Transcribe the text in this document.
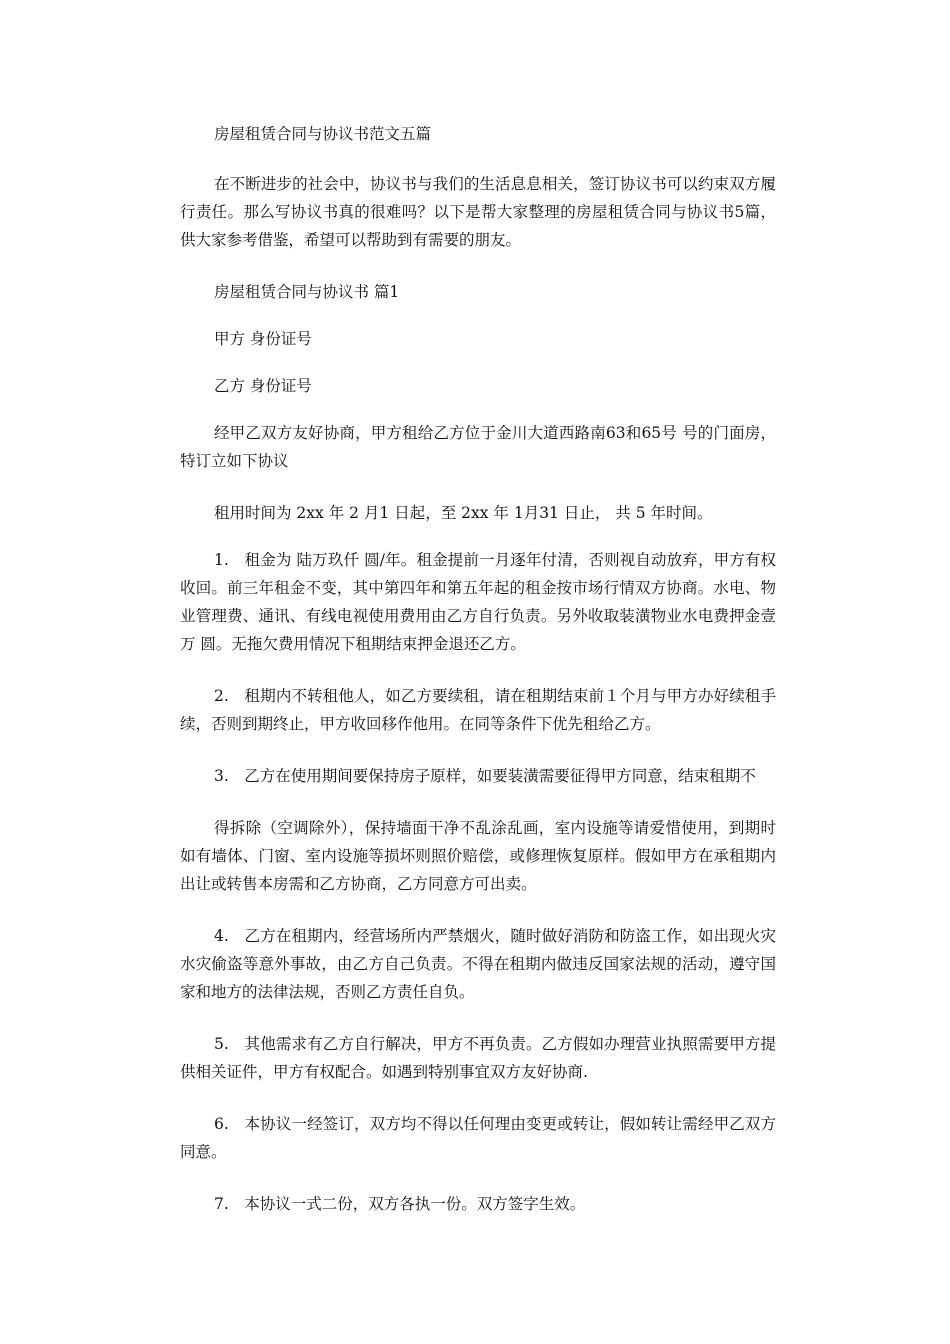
房屋租赁合同与协议书范文五篇

在不断进步的社会中，协议书与我们的生活息息相关，签订协议书可以约束双方履行责任。那么写协议书真的很难吗？以下是帮大家整理的房屋租赁合同与协议书5篇，供大家参考借鉴，希望可以帮助到有需要的朋友。

房屋租赁合同与协议书 篇1

甲方 身份证号

乙方 身份证号

经甲乙双方友好协商，甲方租给乙方位于金川大道西路南63和65号 号的门面房，特订立如下协议

租用时间为 2xx 年 2 月1 日起，至 2xx 年 1月31 日止， 共 5 年时间。

1.　租金为 陆万玖仟 圆/年。租金提前一月逐年付清，否则视自动放弃，甲方有权收回。前三年租金不变，其中第四年和第五年起的租金按市场行情双方协商。水电、物业管理费、通讯、有线电视使用费用由乙方自行负责。另外收取装潢物业水电费押金壹万 圆。无拖欠费用情况下租期结束押金退还乙方。

2.　租期内不转租他人，如乙方要续租，请在租期结束前１个月与甲方办好续租手续，否则到期终止，甲方收回移作他用。在同等条件下优先租给乙方。

3.　乙方在使用期间要保持房子原样，如要装潢需要征得甲方同意，结束租期不

得拆除（空调除外），保持墙面干净不乱涂乱画，室内设施等请爱惜使用，到期时如有墙体、门窗、室内设施等损坏则照价赔偿，或修理恢复原样。假如甲方在承租期内出让或转售本房需和乙方协商，乙方同意方可出卖。

4.　乙方在租期内，经营场所内严禁烟火，随时做好消防和防盗工作，如出现火灾水灾偷盗等意外事故，由乙方自己负责。不得在租期内做违反国家法规的活动，遵守国家和地方的法律法规，否则乙方责任自负。

5.　其他需求有乙方自行解决，甲方不再负责。乙方假如办理营业执照需要甲方提供相关证件，甲方有权配合。如遇到特别事宜双方友好协商.

6.　本协议一经签订，双方均不得以任何理由变更或转让，假如转让需经甲乙双方同意。

7.　本协议一式二份，双方各执一份。双方签字生效。
